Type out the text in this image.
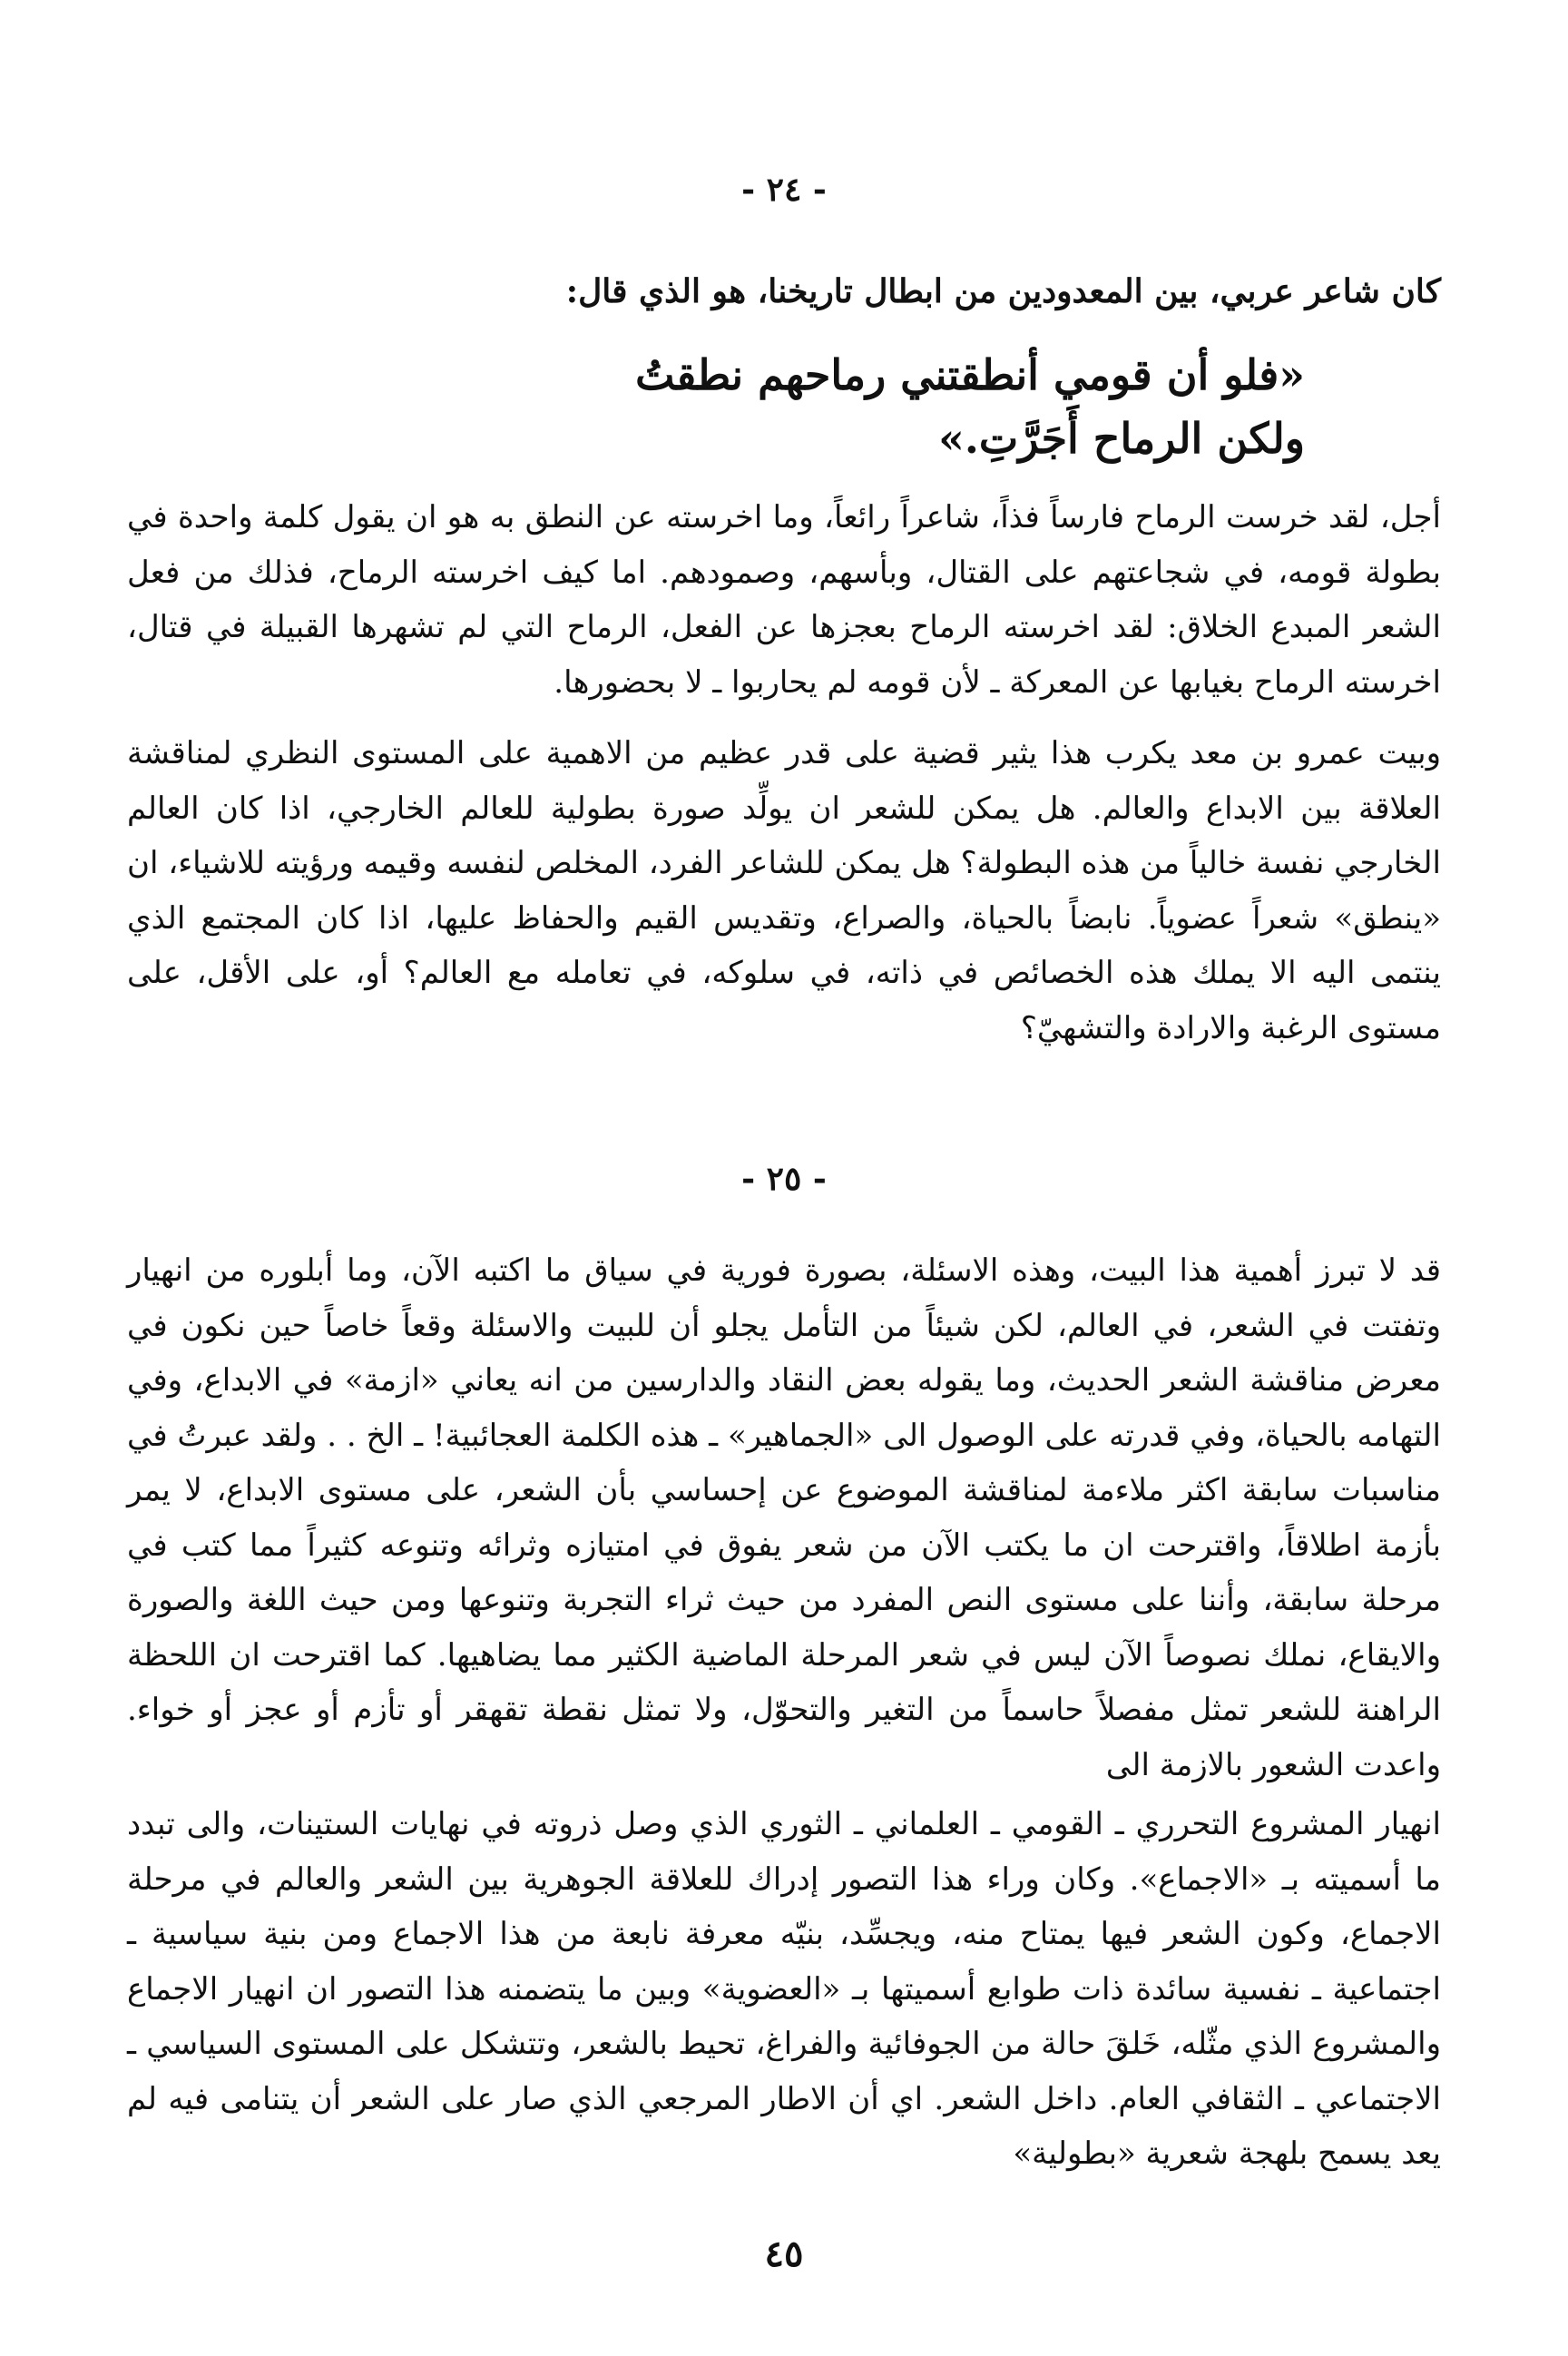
- ٢٤ -
كان شاعر عربي، بين المعدودين من ابطال تاريخنا، هو الذي قال:
«فلو أن قومي أنطقتني رماحهم نطقتُ
ولكن الرماح أَجَرَّتِ.»
أجل، لقد خرست الرماح فارساً فذاً، شاعراً رائعاً، وما اخرسته عن النطق به هو ان يقول كلمة واحدة في بطولة قومه، في شجاعتهم على القتال، وبأسهم، وصمودهم. اما كيف اخرسته الرماح، فذلك من فعل الشعر المبدع الخلاق: لقد اخرسته الرماح بعجزها عن الفعل، الرماح التي لم تشهرها القبيلة في قتال، اخرسته الرماح بغيابها عن المعركة ـ لأن قومه لم يحاربوا ـ لا بحضورها.
وبيت عمرو بن معد يكرب هذا يثير قضية على قدر عظيم من الاهمية على المستوى النظري لمناقشة العلاقة بين الابداع والعالم. هل يمكن للشعر ان يولِّد صورة بطولية للعالم الخارجي، اذا كان العالم الخارجي نفسة خالياً من هذه البطولة؟ هل يمكن للشاعر الفرد، المخلص لنفسه وقيمه ورؤيته للاشياء، ان «ينطق» شعراً عضوياً. نابضاً بالحياة، والصراع، وتقديس القيم والحفاظ عليها، اذا كان المجتمع الذي ينتمى اليه الا يملك هذه الخصائص في ذاته، في سلوكه، في تعامله مع العالم؟ أو، على الأقل، على مستوى الرغبة والارادة والتشهيّ؟
- ٢٥ -
قد لا تبرز أهمية هذا البيت، وهذه الاسئلة، بصورة فورية في سياق ما اكتبه الآن، وما أبلوره من انهيار وتفتت في الشعر، في العالم، لكن شيئاً من التأمل يجلو أن للبيت والاسئلة وقعاً خاصاً حين نكون في معرض مناقشة الشعر الحديث، وما يقوله بعض النقاد والدارسين من انه يعاني «ازمة» في الابداع، وفي التهامه بالحياة، وفي قدرته على الوصول الى «الجماهير» ـ هذه الكلمة العجائبية! ـ الخ . . ولقد عبرتُ في مناسبات سابقة اكثر ملاءمة لمناقشة الموضوع عن إحساسي بأن الشعر، على مستوى الابداع، لا يمر بأزمة اطلاقاً، واقترحت ان ما يكتب الآن من شعر يفوق في امتيازه وثرائه وتنوعه كثيراً مما كتب في مرحلة سابقة، وأننا على مستوى النص المفرد من حيث ثراء التجربة وتنوعها ومن حيث اللغة والصورة والايقاع، نملك نصوصاً الآن ليس في شعر المرحلة الماضية الكثير مما يضاهيها. كما اقترحت ان اللحظة الراهنة للشعر تمثل مفصلاً حاسماً من التغير والتحوّل، ولا تمثل نقطة تقهقر أو تأزم أو عجز أو خواء. واعدت الشعور بالازمة الى
انهيار المشروع التحرري ـ القومي ـ العلماني ـ الثوري الذي وصل ذروته في نهايات الستينات، والى تبدد ما أسميته بـ «الاجماع». وكان وراء هذا التصور إدراك للعلاقة الجوهرية بين الشعر والعالم في مرحلة الاجماع، وكون الشعر فيها يمتاح منه، ويجسِّد، بنيّه معرفة نابعة من هذا الاجماع ومن بنية سياسية ـ اجتماعية ـ نفسية سائدة ذات طوابع أسميتها بـ «العضوية» وبين ما يتضمنه هذا التصور ان انهيار الاجماع والمشروع الذي مثّله، خَلقَ حالة من الجوفائية والفراغ، تحيط بالشعر، وتتشكل على المستوى السياسي ـ الاجتماعي ـ الثقافي العام. داخل الشعر. اي أن الاطار المرجعي الذي صار على الشعر أن يتنامى فيه لم يعد يسمح بلهجة شعرية «بطولية»
٤٥
